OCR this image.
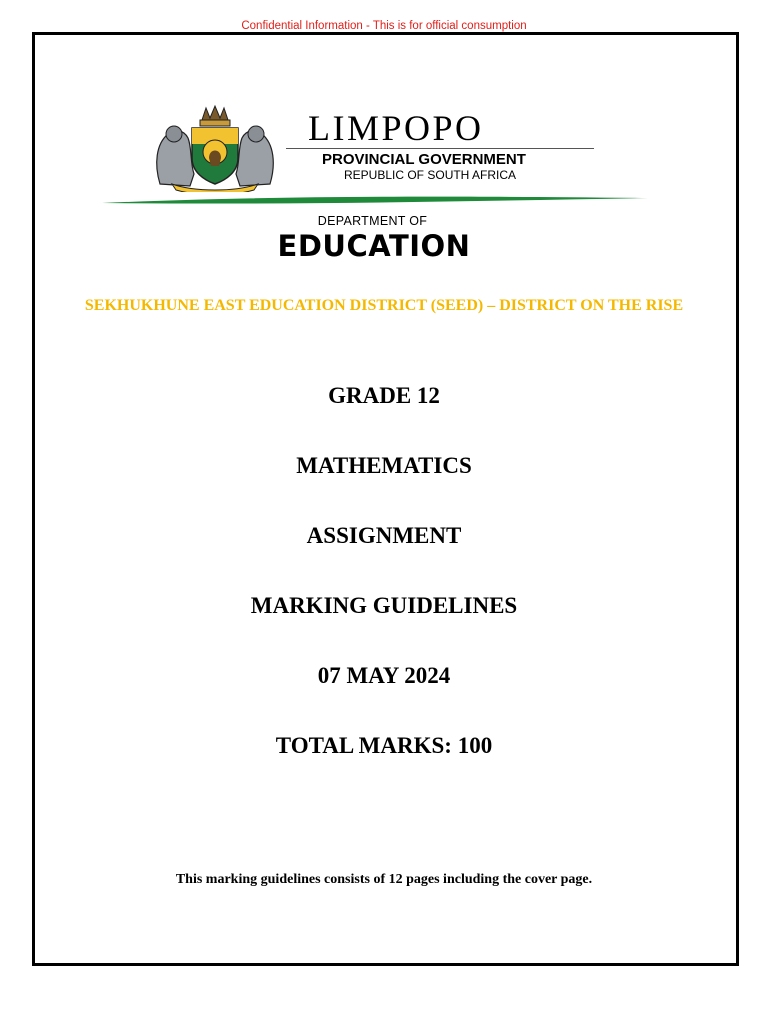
Confidential Information - This is for official consumption
LIMPOPO
PROVINCIAL GOVERNMENT
REPUBLIC OF SOUTH AFRICA
DEPARTMENT OF
EDUCATION
SEKHUKHUNE EAST EDUCATION DISTRICT (SEED) – DISTRICT ON THE RISE
GRADE 12
MATHEMATICS
ASSIGNMENT
MARKING GUIDELINES
07 MAY 2024
TOTAL MARKS: 100
This marking guidelines consists of 12 pages including the cover page.
